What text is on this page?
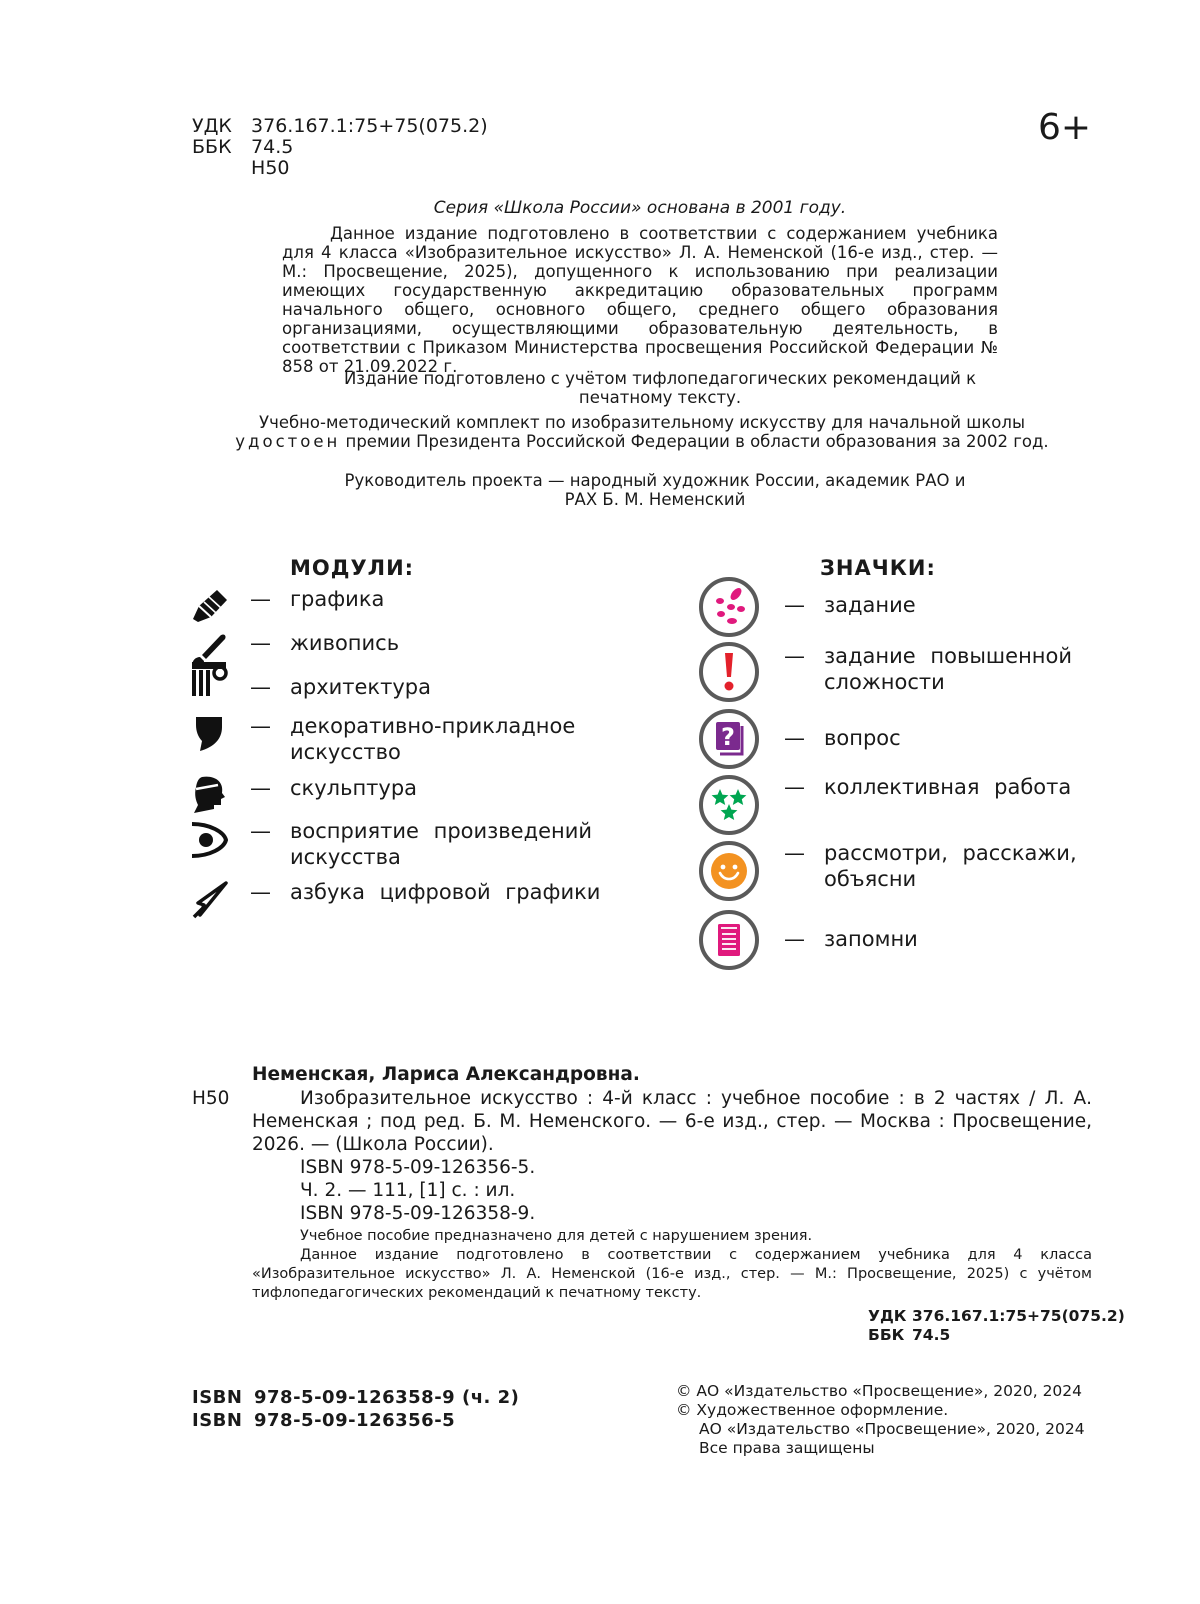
УДК 376.167.1:75+75(075.2)
ББК 74.5
Н50
6+
Серия «Школа России» основана в 2001 году.
Данное издание подготовлено в соответствии с содержанием учебника для 4 класса «Изобразительное искусство» Л. А. Неменской (16-е изд., стер. — М.: Просвещение, 2025), допущенного к использованию при реализации имеющих государственную аккредитацию образовательных программ начального общего, основного общего, среднего общего образования организациями, осуществляющими образовательную деятельность, в соответствии с Приказом Министерства просвещения Российской Федерации № 858 от 21.09.2022 г.
Издание подготовлено с учётом тифлопедагогических рекомендаций к печатному тексту.
Учебно-методический комплект по изобразительному искусству для начальной школы удостоен премии Президента Российской Федерации в области образования за 2002 год.
Руководитель проекта — народный художник России, академик РАО и РАХ Б. М. Неменский
МОДУЛИ:
— графика
— живопись
— архитектура
— декоративно-прикладное искусство
— скульптура
— восприятие произведений искусства
— азбука цифровой графики
ЗНАЧКИ:
— задание
— задание повышенной сложности
? — вопрос
— коллективная работа
— рассмотри, расскажи, объясни
— запомни
Неменская, Лариса Александровна.
Н50	Изобразительное искусство : 4-й класс : учебное пособие : в 2 частях / Л. А. Неменская ; под ред. Б. М. Неменского. — 6-е изд., стер. — Москва : Просвещение, 2026. — (Школа России).
ISBN 978-5-09-126356-5.
Ч. 2. — 111, [1] с. : ил.
ISBN 978-5-09-126358-9.
Учебное пособие предназначено для детей с нарушением зрения.
Данное издание подготовлено в соответствии с содержанием учебника для 4 класса «Изобразительное искусство» Л. А. Неменской (16-е изд., стер. — М.: Просвещение, 2025) с учётом тифлопедагогических рекомендаций к печатному тексту.
УДК 376.167.1:75+75(075.2)
ББК 74.5
ISBN 978-5-09-126358-9 (ч. 2)
ISBN 978-5-09-126356-5
© АО «Издательство «Просвещение», 2020, 2024
© Художественное оформление.
АО «Издательство «Просвещение», 2020, 2024
Все права защищены
